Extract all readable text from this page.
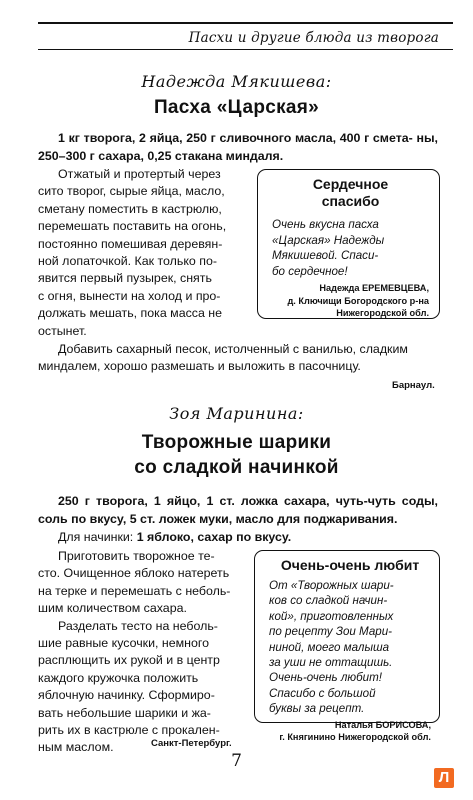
Пасхи и другие блюда из творога
Надежда Мякишева:
Пасха «Царская»
1 кг творога, 2 яйца, 250 г сливочного масла, 400 г смета- ны, 250–300 г сахара, 0,25 стакана миндаля.
Отжатый и протертый через
сито творог, сырые яйца, масло,
сметану поместить в кастрюлю,
перемешать поставить на огонь,
постоянно помешивая деревян-
ной лопаточкой. Как только по-
явится первый пузырек, снять
с огня, вынести на холод и про-
должать мешать, пока масса не
остынет.
Сердечное
спасибо
Очень вкусна пасха
«Царская» Надежды
Мякишевой. Спаси-
бо сердечное!
Надежда ЕРЕМЕВЦЕВА,
д. Ключищи Богородского р-на
Нижегородской обл.
Добавить сахарный песок, истолченный с ванилью, сладким
миндалем, хорошо размешать и выложить в пасочницу.
Барнаул.
Зоя Маринина:
Творожные шарики
со сладкой начинкой
250 г творога, 1 яйцо, 1 ст. ложка сахара, чуть-чуть соды, соль по вкусу, 5 ст. ложек муки, масло для поджаривания.
Для начинки: 1 яблоко, сахар по вкусу.
Приготовить творожное те-
сто. Очищенное яблоко натереть
на терке и перемешать с неболь-
шим количеством сахара.
Разделать тесто на неболь-
шие равные кусочки, немного
расплющить их рукой и в центр
каждого кружочка положить
яблочную начинку. Сформиро-
вать небольшие шарики и жа-
рить их в кастрюле с прокален-
ным маслом.	Санкт-Петербург.
Очень-очень любит
От «Творожных шари-
ков со сладкой начин-
кой», приготовленных
по рецепту Зои Мари-
ниной, моего малыша
за уши не оттащишь.
Очень-очень любит!
Спасибо с большой
буквы за рецепт.
Наталья БОРИСОВА,
г. Княгинино Нижегородской обл.
7
Л
